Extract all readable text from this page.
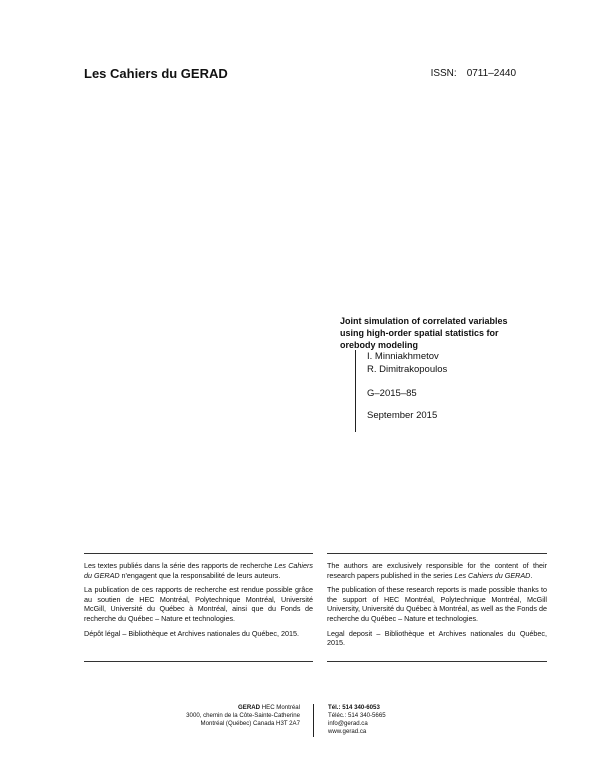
Les Cahiers du GERAD	ISSN: 0711–2440
Joint simulation of correlated variables
using high-order spatial statistics for
orebody modeling
I. Minniakhmetov
R. Dimitrakopoulos
G–2015–85
September 2015

Les textes publiés dans la série des rapports de recherche Les Cahiers du GERAD n'engagent que la responsabilité de leurs auteurs.

La publication de ces rapports de recherche est rendue possible grâce au soutien de HEC Montréal, Polytechnique Montréal, Université McGill, Université du Québec à Montréal, ainsi que du Fonds de recherche du Québec – Nature et technologies.

Dépôt légal – Bibliothèque et Archives nationales du Québec, 2015.

The authors are exclusively responsible for the content of their research papers published in the series Les Cahiers du GERAD.

The publication of these research reports is made possible thanks to the support of HEC Montréal, Polytechnique Montréal, McGill University, Université du Québec à Montréal, as well as the Fonds de recherche du Québec – Nature et technologies.

Legal deposit – Bibliothèque et Archives nationales du Québec, 2015.

GERAD HEC Montréal
3000, chemin de la Côte-Sainte-Catherine
Montréal (Québec) Canada H3T 2A7
Tél.: 514 340-6053
Téléc.: 514 340-5665
info@gerad.ca
www.gerad.ca
